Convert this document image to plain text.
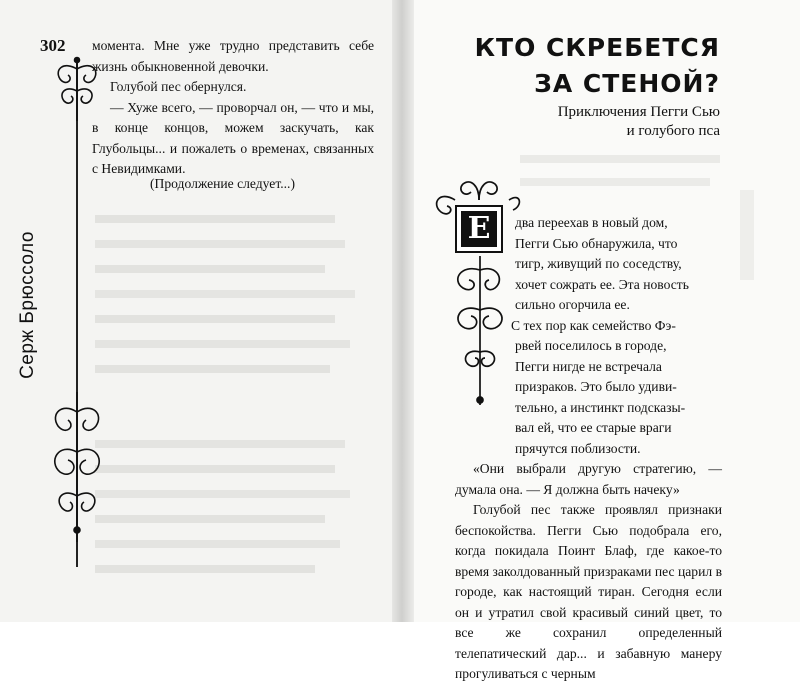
302
Серж Брюссоло

момента. Мне уже трудно представить себе жизнь обыкновенной девочки.

Голубой пес обернулся.

— Хуже всего, — проворчал он, — что и мы, в конце концов, можем заскучать, как Глубольцы... и пожалеть о временах, связанных с Невидимками.

(Продолжение следует...)
КТО СКРЕБЕТСЯ
ЗА СТЕНОЙ?
Приключения Пегги Сью
и голубого пса
Е	два переехав в новый дом,

Пегги Сью обнаружила, что

тигр, живущий по соседству,

хочет сожрать ее. Эта новость

сильно огорчила ее.

С тех пор как семейство Фэ-

рвей поселилось в городе,

Пегги нигде не встречала

призраков. Это было удиви-

тельно, а инстинкт подсказы-

вал ей, что ее старые враги

прячутся поблизости.

«Они выбрали другую стратегию, — думала она. — Я должна быть начеку»

Голубой пес также проявлял признаки беспокойства. Пегги Сью подобрала его, когда покидала Поинт Блаф, где какое-то время заколдованный призраками пес царил в городе, как настоящий тиран. Сегодня если он и утратил свой красивый синий цвет, то все же сохранил определенный телепатический дар... и забавную манеру прогуливаться с черным
